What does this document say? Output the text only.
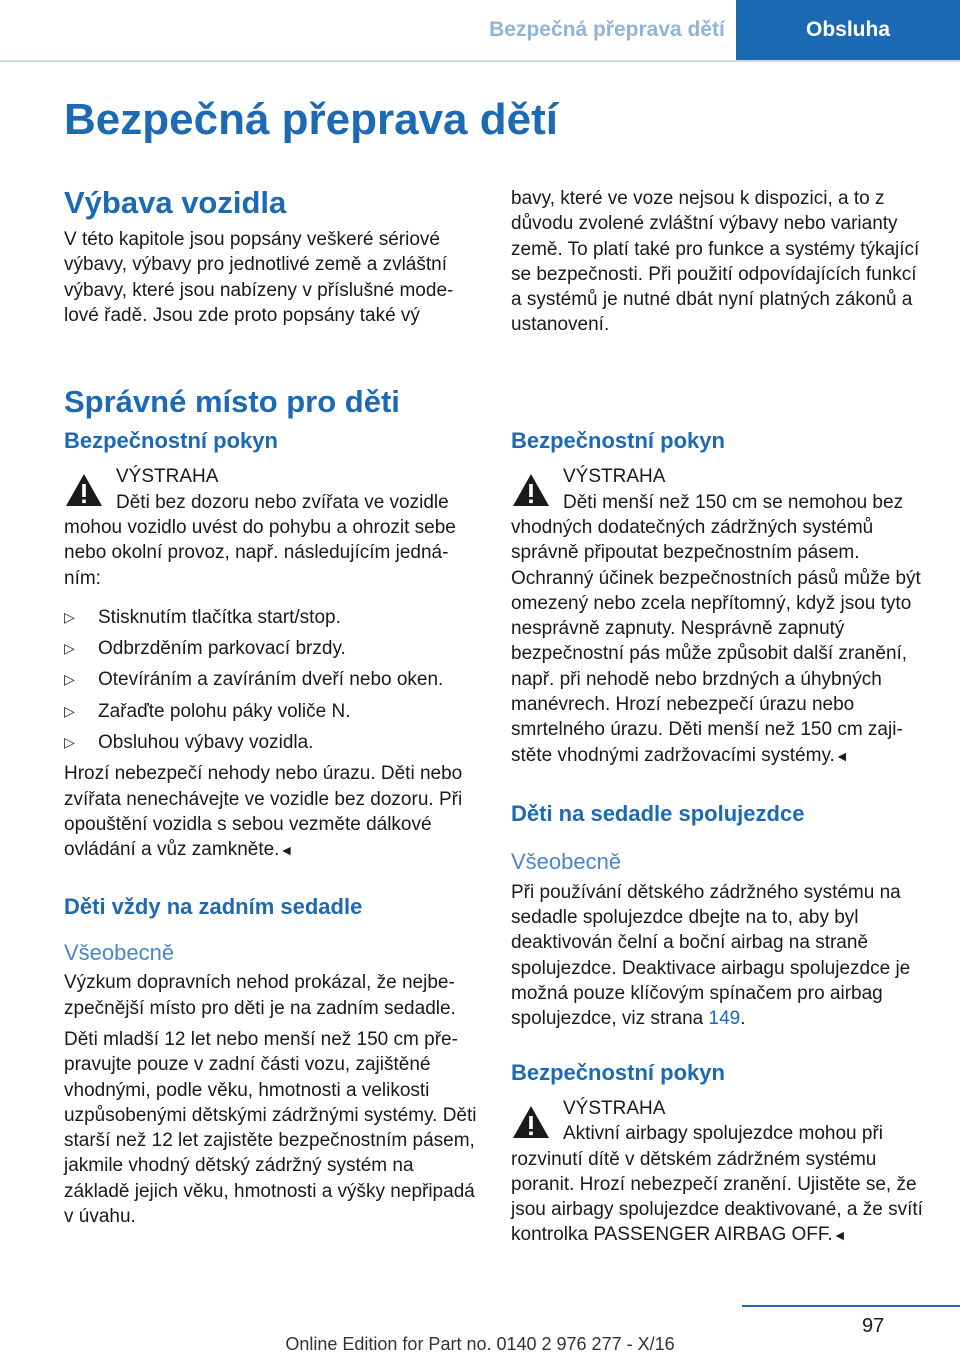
Bezpečná přeprava dětí	Obsluha
Bezpečná přeprava dětí
Výbava vozidla

V této kapitole jsou popsány veškeré sériové výbavy, výbavy pro jednotlivé země a zvláštní výbavy, které jsou nabízeny v příslušné modelové řadě. Jsou zde proto popsány také vý

bavy, které ve voze nejsou k dispozici, a to z důvodu zvolené zvláštní výbavy nebo varianty země. To platí také pro funkce a systémy týkající se bezpečnosti. Při použití odpovídajících funkcí a systémů je nutné dbát nyní platných zákonů a ustanovení.

Správné místo pro děti
Bezpečnostní pokyn
VÝSTRAHA

Děti bez dozoru nebo zvířata ve vozidle mohou vozidlo uvést do pohybu a ohrozit sebe nebo okolní provoz, např. následujícím jednáním:

▷ Stisknutím tlačítka start/stop.
▷ Odbrzděním parkovací brzdy.
▷ Otevíráním a zavíráním dveří nebo oken.
▷ Zařaďte polohu páky voliče N.
▷ Obsluhou výbavy vozidla.

Hrozí nebezpečí nehody nebo úrazu. Děti nebo zvířata nenechávejte ve vozidle bez dozoru. Při opouštění vozidla s sebou vezměte dálkové ovládání a vůz zamkněte.◄

Děti vždy na zadním sedadle
Všeobecně

Výzkum dopravních nehod prokázal, že nejbezpečnější místo pro děti je na zadním sedadle.

Děti mladší 12 let nebo menší než 150 cm přepravujte pouze v zadní části vozu, zajištěné vhodnými, podle věku, hmotnosti a velikosti uzpůsobenými dětskými zádržnými systémy. Děti starší než 12 let zajistěte bezpečnostním pásem, jakmile vhodný dětský zádržný systém na základě jejich věku, hmotnosti a výšky nepřipadá v úvahu.

Bezpečnostní pokyn
VÝSTRAHA

Děti menší než 150 cm se nemohou bez vhodných dodatečných zádržných systémů správně připoutat bezpečnostním pásem. Ochranný účinek bezpečnostních pásů může být omezený nebo zcela nepřítomný, když jsou tyto nesprávně zapnuty. Nesprávně zapnutý bezpečnostní pás může způsobit další zranění, např. při nehodě nebo brzdných a úhybných manévrech. Hrozí nebezpečí úrazu nebo smrtelného úrazu. Děti menší než 150 cm zajistěte vhodnými zadržovacími systémy.◄

Děti na sedadle spolujezdce
Všeobecně

Při používání dětského zádržného systému na sedadle spolujezdce dbejte na to, aby byl deaktivován čelní a boční airbag na straně spolujezdce. Deaktivace airbagu spolujezdce je možná pouze klíčovým spínačem pro airbag spolujezdce, viz strana 149.

Bezpečnostní pokyn
VÝSTRAHA

Aktivní airbagy spolujezdce mohou při rozvinutí dítě v dětském zádržném systému poranit. Hrozí nebezpečí zranění. Ujistěte se, že jsou airbagy spolujezdce deaktivované, a že svítí kontrolka PASSENGER AIRBAG OFF.◄

97
Online Edition for Part no. 0140 2 976 277 - X/16
